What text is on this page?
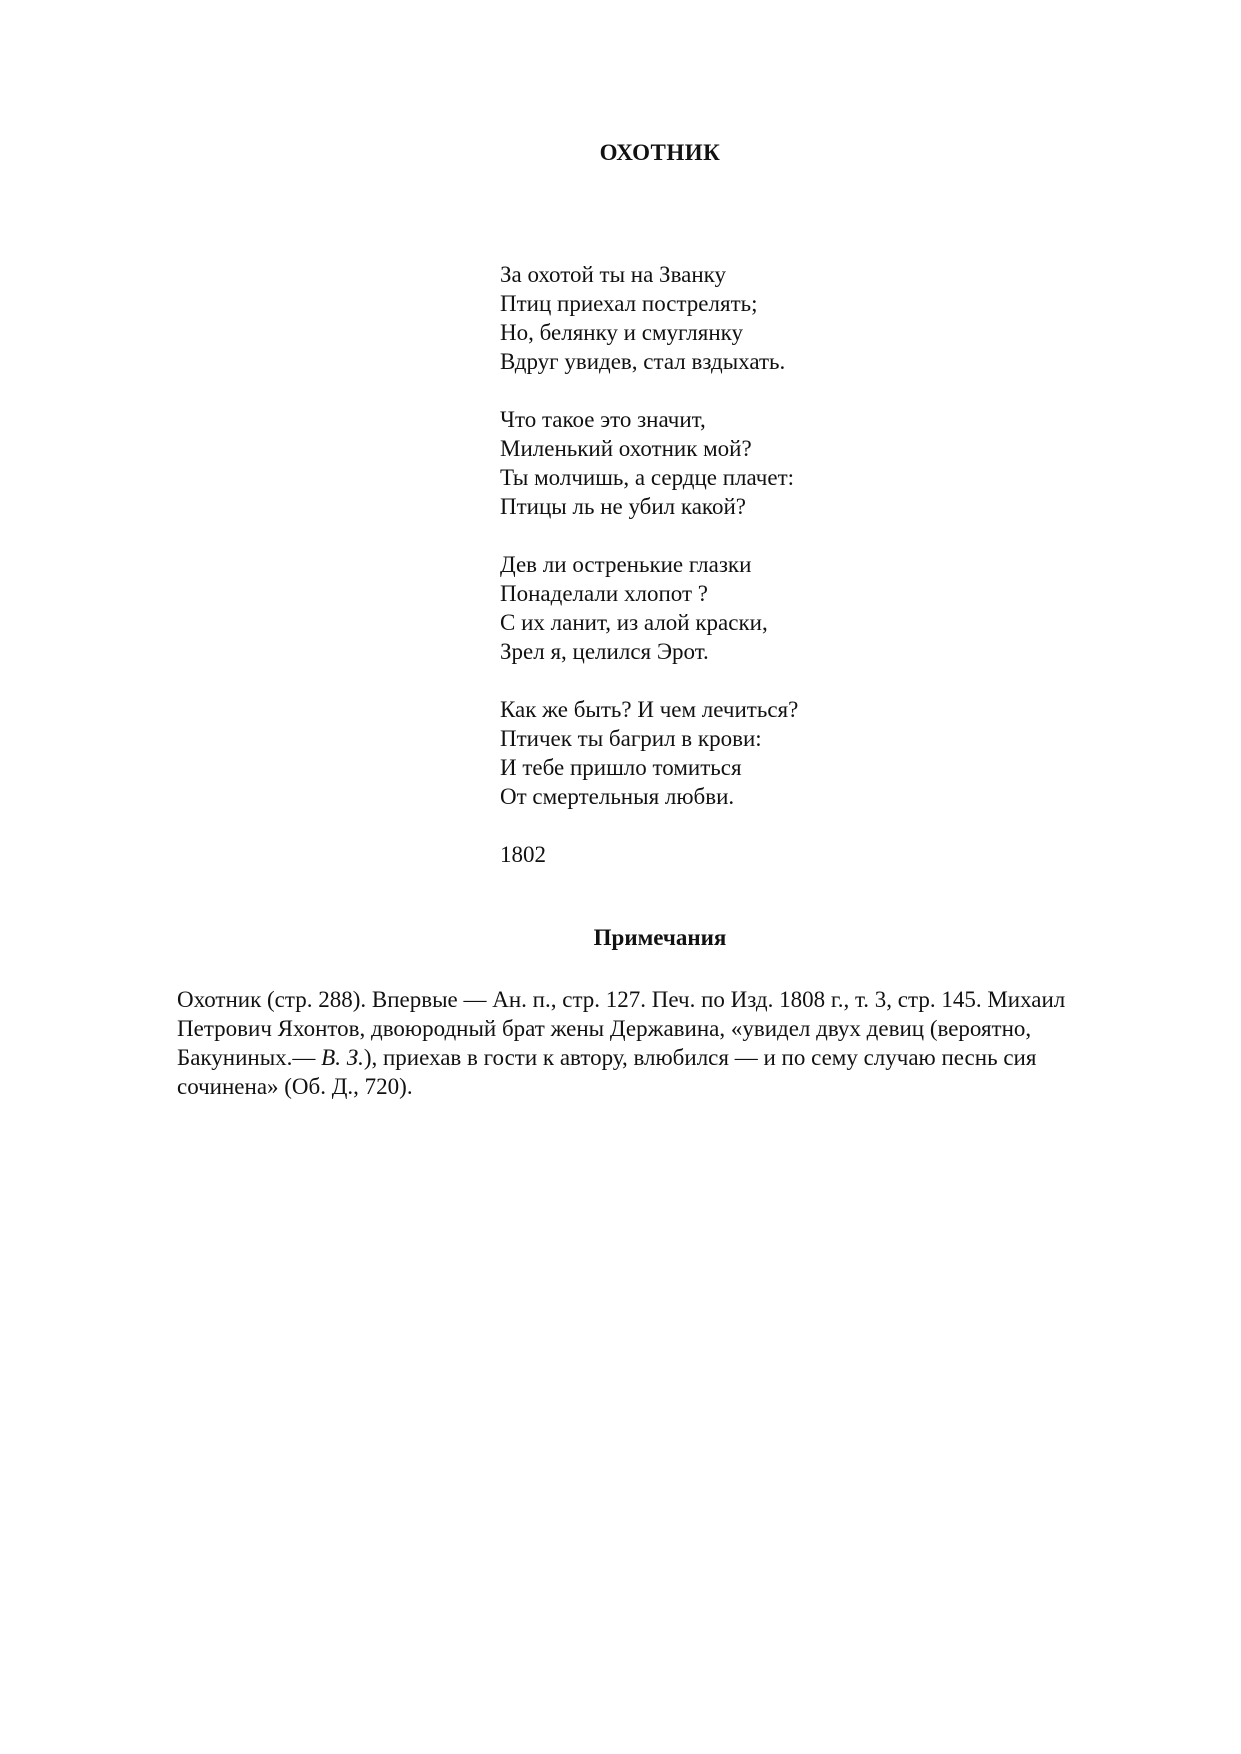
ОХОТНИК
За охотой ты на Званку
Птиц приехал пострелять;
Но, белянку и смуглянку
Вдруг увидев, стал вздыхать.
Что такое это значит,
Миленький охотник мой?
Ты молчишь, а сердце плачет:
Птицы ль не убил какой?
Дев ли остренькие глазки
Понаделали хлопот ?
С их ланит, из алой краски,
Зрел я, целился Эрот.
Как же быть? И чем лечиться?
Птичек ты багрил в крови:
И тебе пришло томиться
От смертельныя любви.
1802
Примечания
Охотник (стр. 288). Впервые — Ан. п., стр. 127. Печ. по Изд. 1808 г., т. 3, стр. 145. Михаил
Петрович Яхонтов, двоюродный брат жены Державина, «увидел двух девиц (вероятно,
Бакуниных.— В. З.), приехав в гости к автору, влюбился — и по сему случаю песнь сия
сочинена» (Об. Д., 720).
